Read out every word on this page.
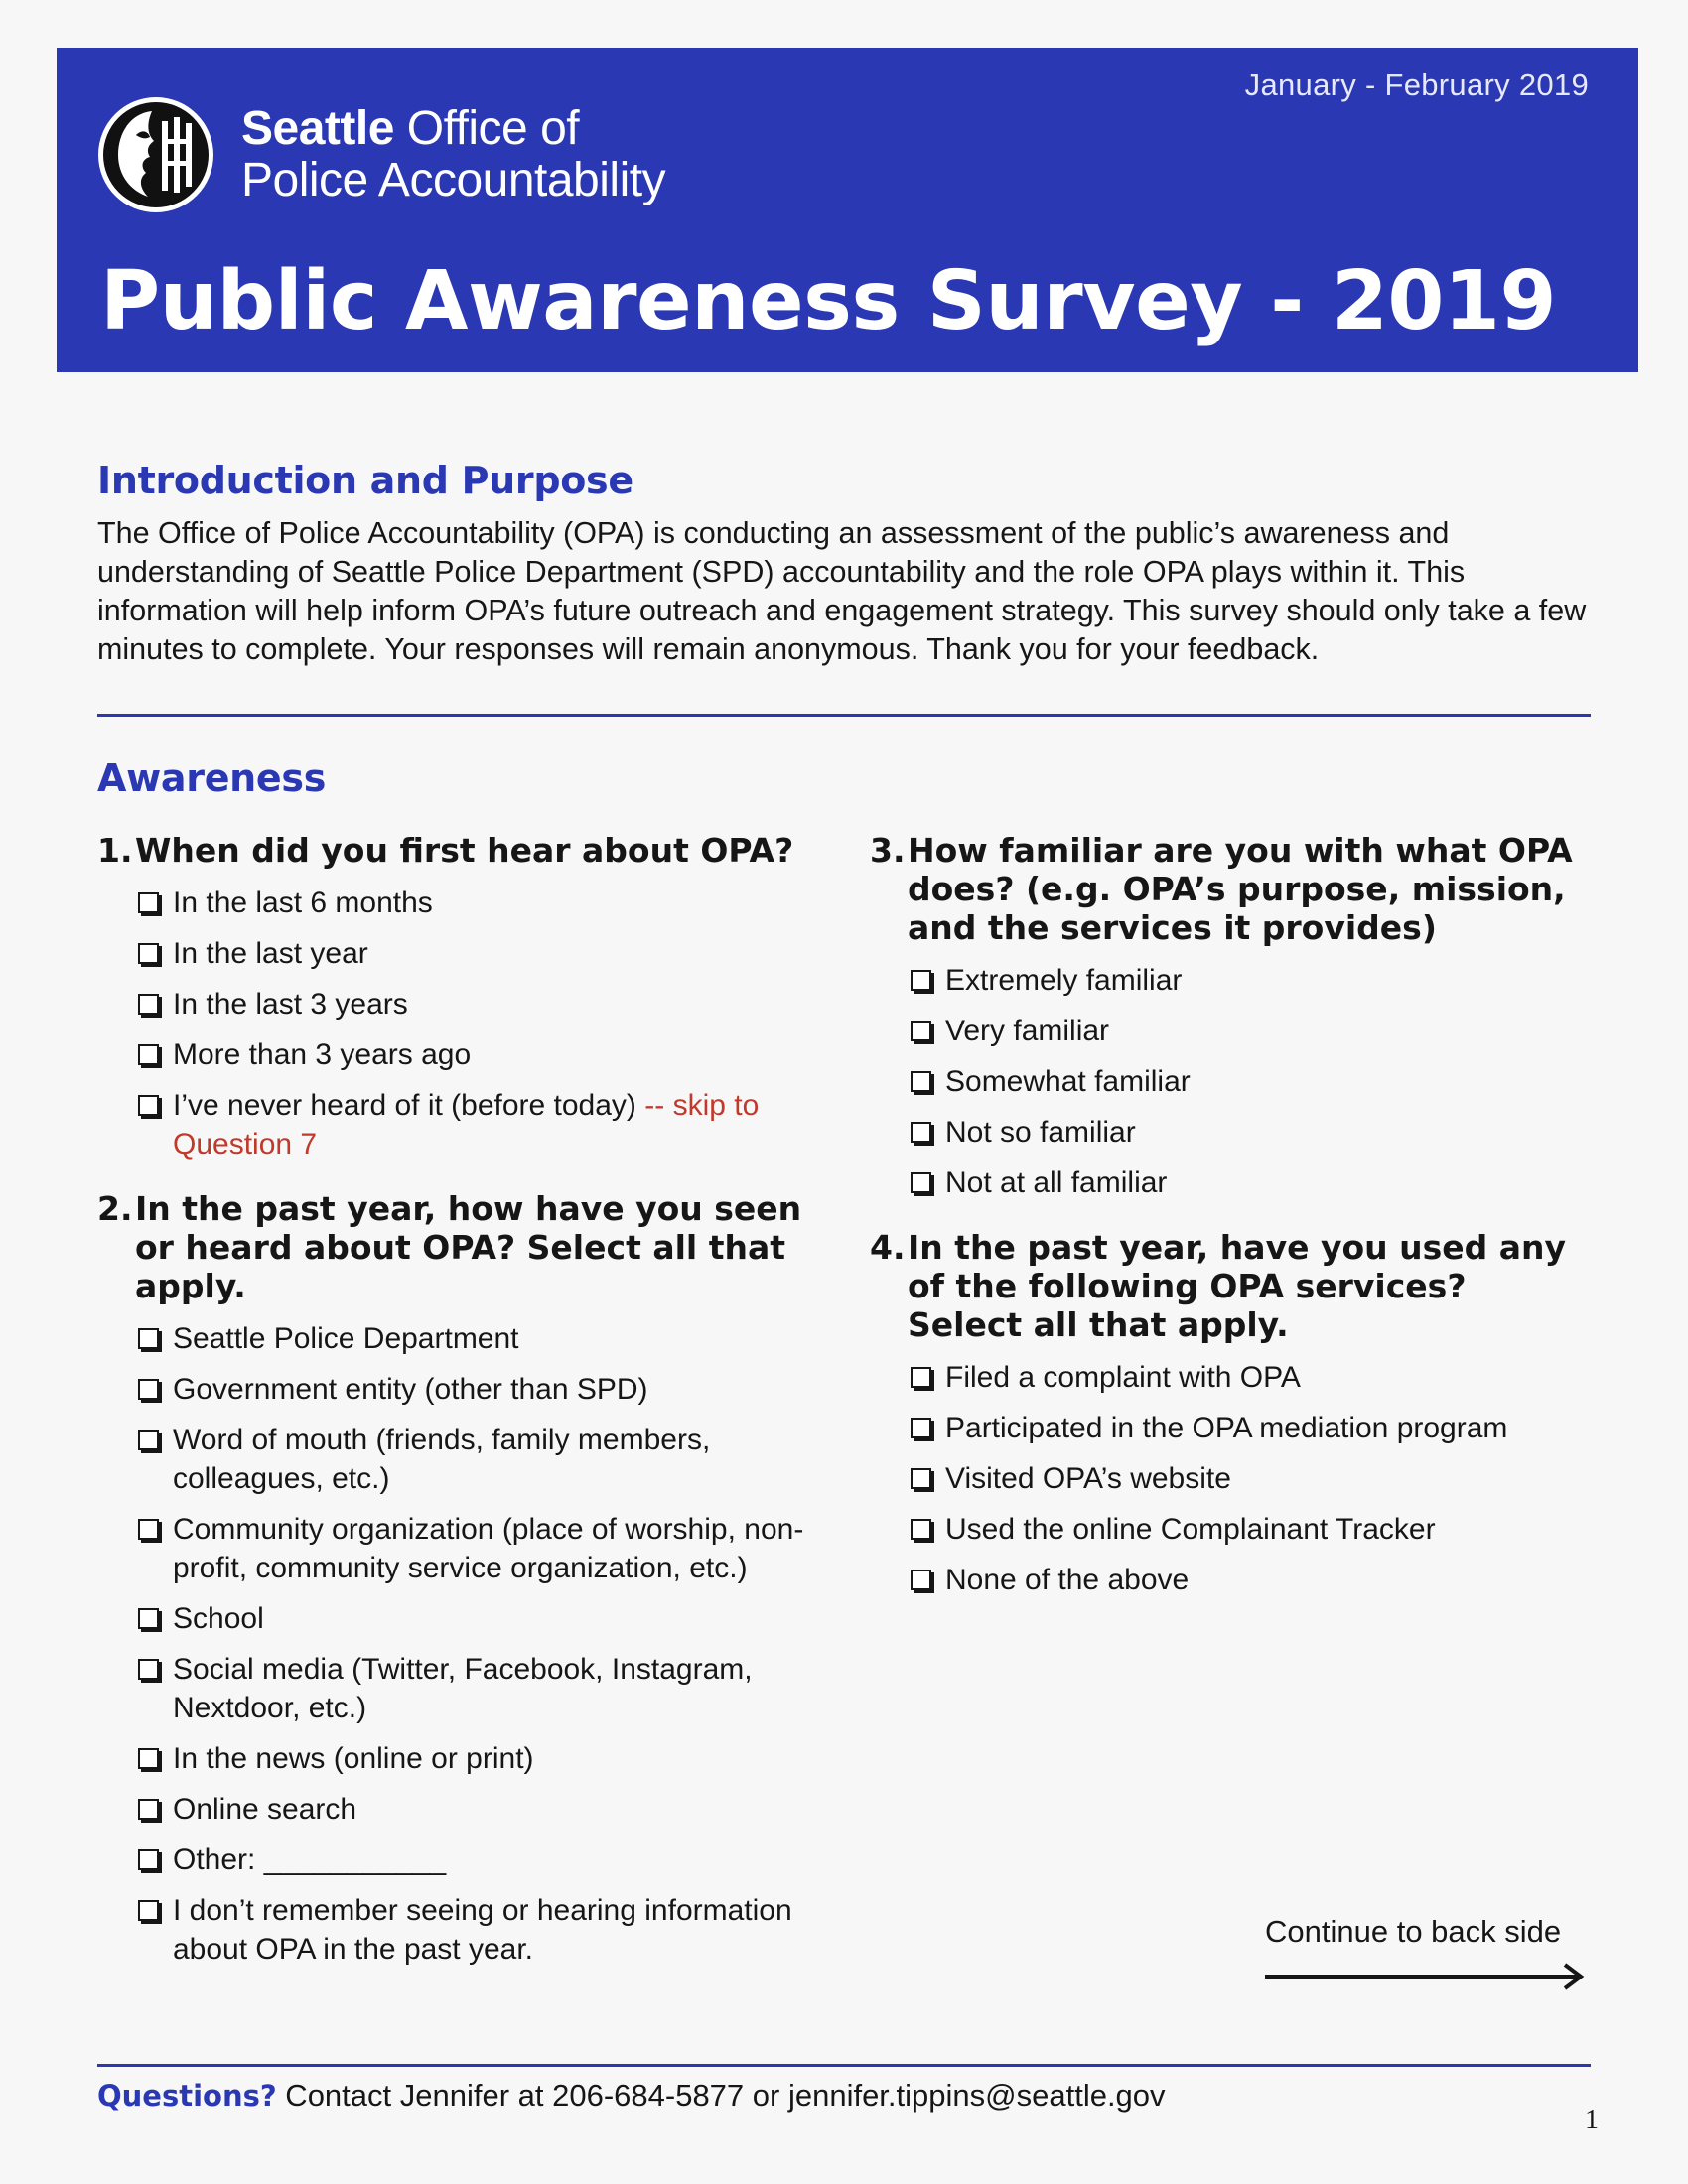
January - February 2019
Seattle Office of
Police Accountability
Public Awareness Survey - 2019
Introduction and Purpose
The Office of Police Accountability (OPA) is conducting an assessment of the public’s awareness and understanding of Seattle Police Department (SPD) accountability and the role OPA plays within it. This information will help inform OPA’s future outreach and engagement strategy. This survey should only take a few minutes to complete. Your responses will remain anonymous. Thank you for your feedback.
Awareness
1.When did you first hear about OPA?
In the last 6 months
In the last year
In the last 3 years
More than 3 years ago
I’ve never heard of it (before today) -- skip to Question 7
2.In the past year, how have you seen or heard about OPA? Select all that apply.
Seattle Police Department
Government entity (other than SPD)
Word of mouth (friends, family members, colleagues, etc.)
Community organization (place of worship, non-profit, community service organization, etc.)
School
Social media (Twitter, Facebook, Instagram, Nextdoor, etc.)
In the news (online or print)
Online search
Other: ___________
I don’t remember seeing or hearing information about OPA in the past year.
3.How familiar are you with what OPA does? (e.g. OPA’s purpose, mission, and the services it provides)
Extremely familiar
Very familiar
Somewhat familiar
Not so familiar
Not at all familiar
4.In the past year, have you used any of the following OPA services? Select all that apply.
Filed a complaint with OPA
Participated in the OPA mediation program
Visited OPA’s website
Used the online Complainant Tracker
None of the above
Continue to back side
Questions? Contact Jennifer at 206-684-5877 or jennifer.tippins@seattle.gov
1
